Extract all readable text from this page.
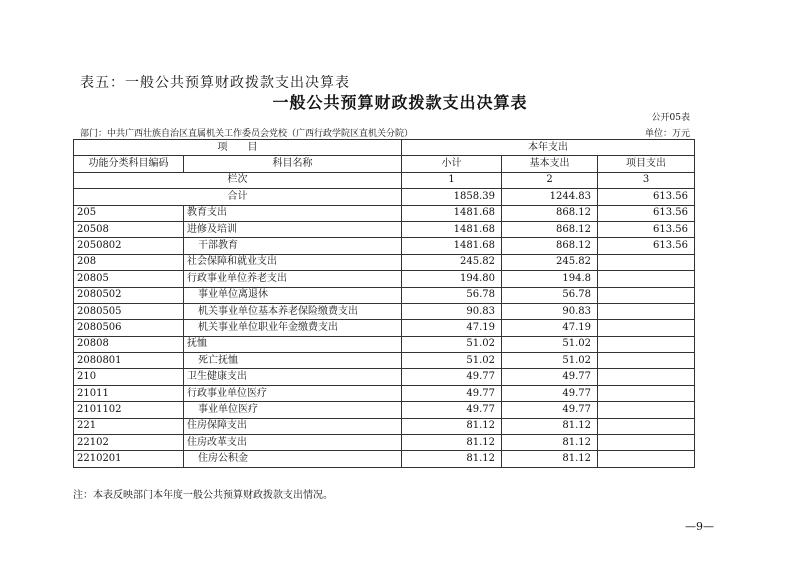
表五：一般公共预算财政拨款支出决算表
一般公共预算财政拨款支出决算表
公开05表
部门：中共广西壮族自治区直属机关工作委员会党校（广西行政学院区直机关分院）	单位：万元
项　　目		本年支出		
功能分类科目编码	科目名称	小计	基本支出	项目支出
栏次		1	2	3
合计		1858.39	1244.83	613.56
205	教育支出	1481.68	868.12	613.56
20508	进修及培训	1481.68	868.12	613.56
2050802	干部教育	1481.68	868.12	613.56
208	社会保障和就业支出	245.82	245.82	
20805	行政事业单位养老支出	194.80	194.8	
2080502	事业单位离退休	56.78	56.78	
2080505	机关事业单位基本养老保险缴费支出	90.83	90.83	
2080506	机关事业单位职业年金缴费支出	47.19	47.19	
20808	抚恤	51.02	51.02	
2080801	死亡抚恤	51.02	51.02	
210	卫生健康支出	49.77	49.77	
21011	行政事业单位医疗	49.77	49.77	
2101102	事业单位医疗	49.77	49.77	
221	住房保障支出	81.12	81.12	
22102	住房改革支出	81.12	81.12	
2210201	住房公积金	81.12	81.12	
注：本表反映部门本年度一般公共预算财政拨款支出情况。
—9—
